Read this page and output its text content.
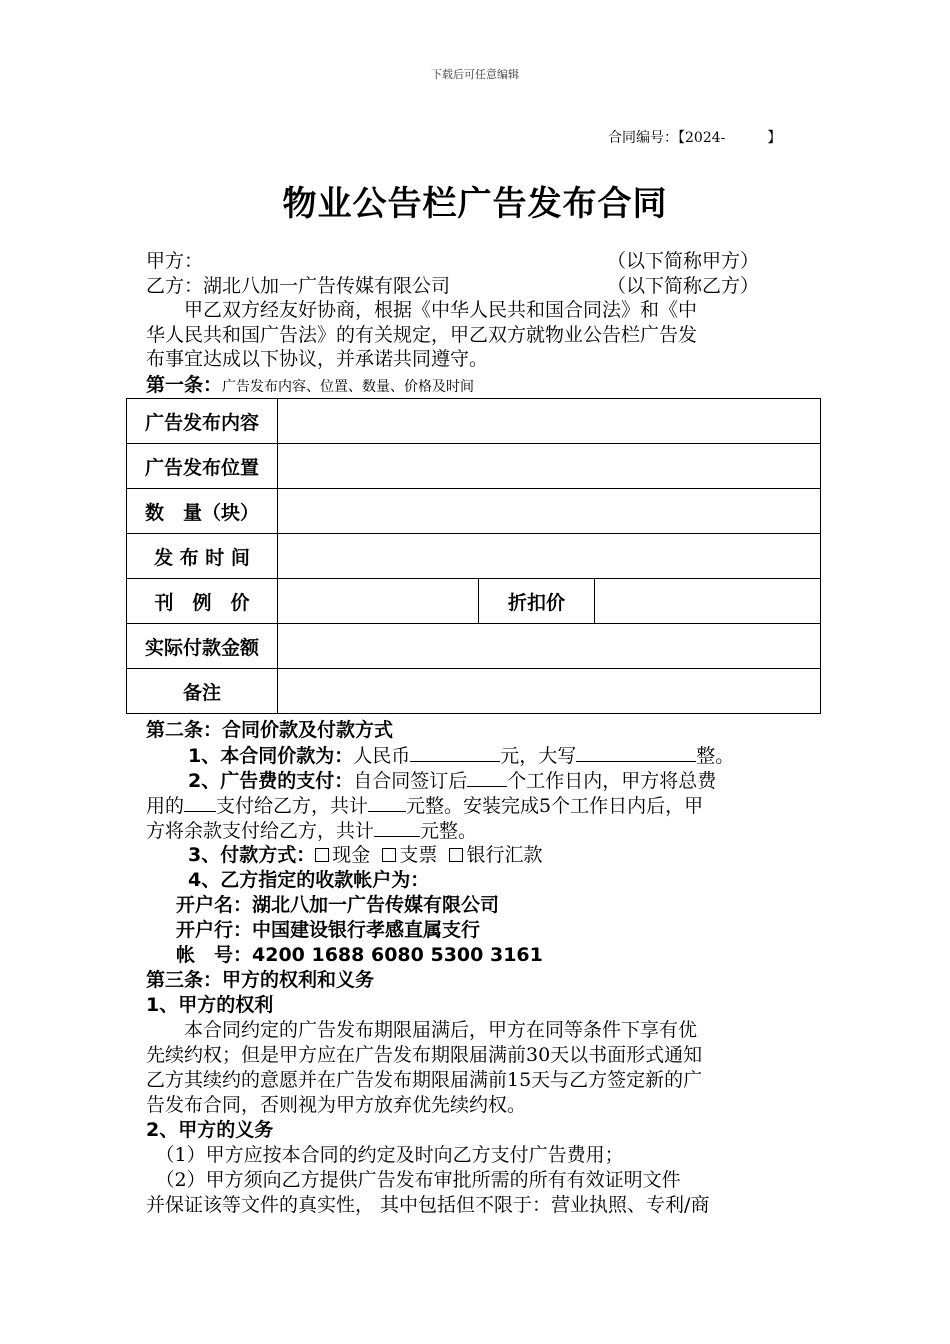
下载后可任意编辑
合同编号：【2024-　　　】
物业公告栏广告发布合同
甲方：	（以下简称甲方）
乙方：湖北八加一广告传媒有限公司	（以下简称乙方）
　　甲乙双方经友好协商，根据《中华人民共和国合同法》和《中
华人民共和国广告法》的有关规定，甲乙双方就物业公告栏广告发
布事宜达成以下协议，并承诺共同遵守。
第一条：广告发布内容、位置、数量、价格及时间
广告发布内容			
广告发布位置			
数　量（块）			
发 布 时 间			
刊　例　价		折扣价	
实际付款金额			
备注			
第二条：合同价款及付款方式
1、本合同价款为：人民币	元，大写	整。
2、广告费的支付：自合同签订后 个工作日内，甲方将总费
用的 支付给乙方，共计 元整。安装完成5个工作日内后，甲
方将余款支付给乙方，共计 元整。
3、付款方式： 现金 支票 银行汇款
4、乙方指定的收款帐户为：
开户名：湖北八加一广告传媒有限公司
开户行：中国建设银行孝感直属支行
帐　号：4200 1688 6080 5300 3161
第三条：甲方的权利和义务
1、甲方的权利
　　本合同约定的广告发布期限届满后，甲方在同等条件下享有优
先续约权；但是甲方应在广告发布期限届满前30天以书面形式通知
乙方其续约的意愿并在广告发布期限届满前15天与乙方签定新的广
告发布合同，否则视为甲方放弃优先续约权。
2、甲方的义务
　（1）甲方应按本合同的约定及时向乙方支付广告费用；
　（2）甲方须向乙方提供广告发布审批所需的所有有效证明文件
并保证该等文件的真实性， 其中包括但不限于：营业执照、专利/商
